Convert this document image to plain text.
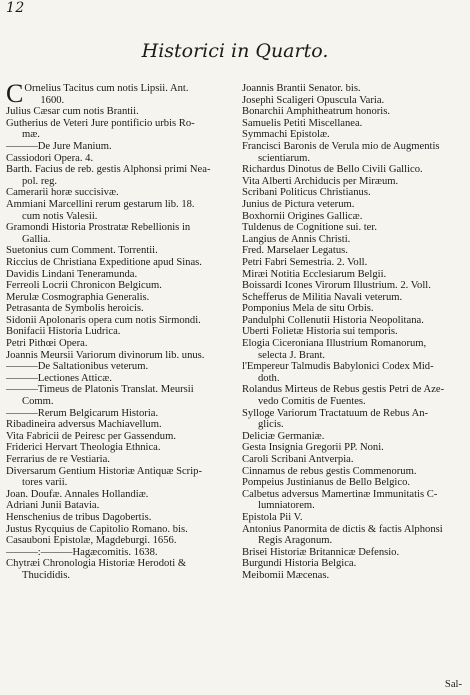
12
Historici in Quarto.
C Ornelius Tacitus cum notis Lipsii. Ant.
1600.
Julius Cæsar cum notis Brantii.
Gutherius de Veteri Jure pontificio urbis Ro-
mæ.
———De Jure Manium.
Cassiodori Opera. 4.
Barth. Facius de reb. gestis Alphonsi primi Nea-
pol. reg.
Camerarii horæ succisivæ.
Ammiani Marcellini rerum gestarum lib. 18.
cum notis Valesii.
Gramondi Historia Prostratæ Rebellionis in
Gallia.
Suetonius cum Comment. Torrentii.
Riccius de Christiana Expeditione apud Sinas.
Davidis Lindani Teneramunda.
Ferreoli Locrii Chronicon Belgicum.
Merulæ Cosmographia Generalis.
Petrasanta de Symbolis heroicis.
Sidonii Apolonaris opera cum notis Sirmondi.
Bonifacii Historia Ludrica.
Petri Pithœi Opera.
Joannis Meursii Variorum divinorum lib. unus.
———De Saltationibus veterum.
———Lectiones Atticæ.
———Timeus de Platonis Translat. Meursii
Comm.
———Rerum Belgicarum Historia.
Ribadineira adversus Machiavellum.
Vita Fabricii de Peiresc per Gassendum.
Friderici Hervart Theologia Ethnica.
Ferrarius de re Vestiaria.
Diversarum Gentium Historiæ Antiquæ Scrip-
tores varii.
Joan. Doufæ. Annales Hollandiæ.
Adriani Junii Batavia.
Henschenius de tribus Dagobertis.
Justus Rycquius de Capitolio Romano. bis.
Casauboni Epistolæ, Magdeburgi. 1656.
———:———Hagæcomitis. 1638.
Chytræi Chronologia Historiæ Herodoti &
Thucididis.
Joannis Brantii Senator. bis.
Josephi Scaligeri Opuscula Varia.
Bonarchii Amphitheatrum honoris.
Samuelis Petiti Miscellanea.
Symmachi Epistolæ.
Francisci Baronis de Verula mio de Augmentis
scientiarum.
Richardus Dinotus de Bello Civili Gallico.
Vita Alberti Archiducis per Miræum.
Scribani Politicus Christianus.
Junius de Pictura veterum.
Boxhornii Origines Gallicæ.
Tuldenus de Cognitione sui. ter.
Langius de Annis Christi.
Fred. Marselaer Legatus.
Petri Fabri Semestria. 2. Voll.
Miræi Notitia Ecclesiarum Belgii.
Boissardi Icones Virorum Illustrium. 2. Voll.
Schefferus de Militia Navali veterum.
Pomponius Mela de situ Orbis.
Pandulphi Collenutii Historia Neopolitana.
Uberti Folietæ Historia sui temporis.
Elogia Ciceroniana Illustrium Romanorum,
selecta J. Brant.
l'Empereur Talmudis Babylonici Codex Mid-
doth.
Rolandus Mirteus de Rebus gestis Petri de Aze-
vedo Comitis de Fuentes.
Sylloge Variorum Tractatuum de Rebus An-
glicis.
Deliciæ Germaniæ.
Gesta Insignia Gregorii PP. Noni.
Caroli Scribani Antverpia.
Cinnamus de rebus gestis Commenorum.
Pompeius Justinianus de Bello Belgico.
Calbetus adversus Mamertinæ Immunitatis C-
lumniatorem.
Epistola Pii V.
Antonius Panormita de dictis & factis Alphonsi
Regis Aragonum.
Brisei Historiæ Britannicæ Defensio.
Burgundi Historia Belgica.
Meibomii Mæcenas.
Sal-
